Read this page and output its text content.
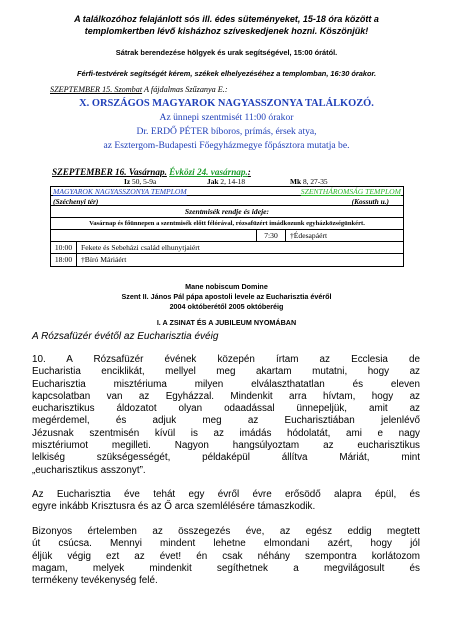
A találkozóhoz felajánlott sós ill. édes süteményeket, 15-18 óra között a
templomkertben lévő kisházhoz szíveskedjenek hozni. Köszönjük!
Sátrak berendezése hölgyek és urak segítségével, 15:00 órától.
Férfi-testvérek segítségét kérem, székek elhelyezéséhez a templomban, 16:30 órakor.
SZEPTEMBER 15. Szombat A fájdalmas Szűzanya E.:
X. ORSZÁGOS MAGYAROK NAGYASSZONYA TALÁLKOZÓ.
Az ünnepi szentmisét 11:00 órakor
Dr. ERDŐ PÉTER bíboros, prímás, érsek atya,
az Esztergom-Budapesti Főegyházmegye főpásztora mutatja be.
SZEPTEMBER 16. Vasárnap. Évközi 24. vasárnap.:
Iz 50, 5-9a	Jak 2, 14-18	Mk 8, 27-35
MAGYAROK NAGYASSZONYA TEMPLOM	SZENTHÁROMSÁG TEMPLOM
(Széchenyi tér)	(Kossuth u.)
Szentmisék rendje és ideje:
Vasárnap és főünnepen a szentmisék előtt félórával, rózsafüzért imádkozunk egyházközségünkért.
7:30	†Édesapáért
10:00	Fekete és Sebeházi család elhunytjaiért
18:00	†Bíró Máriáért
Mane nobiscum Domine
Szent II. János Pál pápa apostoli levele az Eucharisztia évéről
2004 októberétől 2005 októberéig
I. A ZSINAT ÉS A JUBILEUM NYOMÁBAN
A Rózsafüzér évétől az Eucharisztia évéig
10. A Rózsafüzér évének közepén írtam az Ecclesia de
Eucharistia enciklikát, mellyel meg akartam mutatni, hogy az
Eucharisztia misztériuma milyen elválaszthatatlan és eleven
kapcsolatban van az Egyházzal. Mindenkit arra hívtam, hogy az
eucharisztikus áldozatot olyan odaadással ünnepeljük, amit az
megérdemel, és adjuk meg az Eucharisztiában jelenlévő
Jézusnak szentmisén kívül is az imádás hódolatát, ami e nagy
misztériumot megilleti. Nagyon hangsúlyoztam az eucharisztikus
lelkiség szükségességét, példaképül állítva Máriát, mint
„eucharisztikus asszonyt”.
Az Eucharisztia éve tehát egy évről évre erősödő alapra épül, és
egyre inkább Krisztusra és az Ő arca szemlélésére támaszkodik.
Bizonyos értelemben az összegezés éve, az egész eddig megtett
út csúcsa. Mennyi mindent lehetne elmondani azért, hogy jól
éljük végig ezt az évet! én csak néhány szempontra korlátozom
magam, melyek mindenkit segíthetnek a megvilágosult és
termékeny tevékenység felé.
